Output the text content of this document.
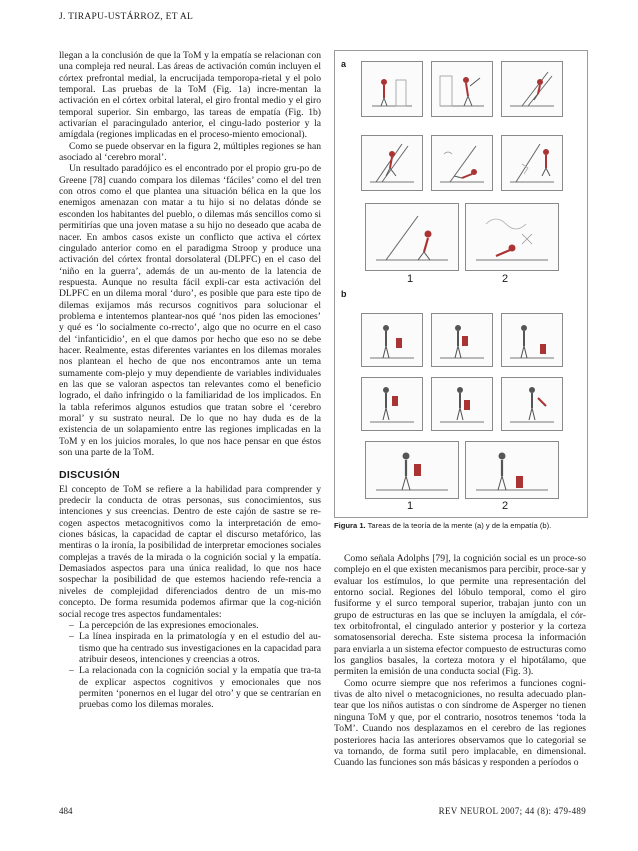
J. TIRAPU-USTÁRROZ, ET AL

llegan a la conclusión de que la ToM y la empatía se relacionan con una compleja red neural. Las áreas de activación común incluyen el córtex prefrontal medial, la encrucijada temporopa-rietal y el polo temporal. Las pruebas de la ToM (Fig. 1a) incre-mentan la activación en el córtex orbital lateral, el giro frontal medio y el giro temporal superior. Sin embargo, las tareas de empatía (Fig. 1b) activarían el paracingulado anterior, el cingu-lado posterior y la amígdala (regiones implicadas en el proceso-miento emocional).

Como se puede observar en la figura 2, múltiples regiones se han asociado al ‘cerebro moral’.

Un resultado paradójico es el encontrado por el propio gru-po de Greene [78] cuando compara los dilemas ‘fáciles’ como el del tren con otros como el que plantea una situación bélica en la que los enemigos amenazan con matar a tu hijo si no delatas dónde se esconden los habitantes del pueblo, o dilemas más sencillos como si permitirías que una joven matase a su hijo no deseado que acaba de nacer. En ambos casos existe un conflicto que activa el córtex cingulado anterior como en el paradigma Stroop y produce una activación del córtex frontal dorsolateral (DLPFC) en el caso del ‘niño en la guerra’, además de un au-mento de la latencia de respuesta. Aunque no resulta fácil expli-car esta activación del DLPFC en un dilema moral ‘duro’, es posible que para este tipo de dilemas exijamos más recursos cognitivos para solucionar el problema e intentemos plantear-nos qué ‘nos piden las emociones’ y qué es ‘lo socialmente co-rrecto’, algo que no ocurre en el caso del ‘infanticidio’, en el que damos por hecho que eso no se debe hacer. Realmente, estas diferentes variantes en los dilemas morales nos plantean el hecho de que nos encontramos ante un tema sumamente com-plejo y muy dependiente de variables individuales en las que se valoran aspectos tan relevantes como el beneficio logrado, el daño infringido o la familiaridad de los implicados. En la tabla referimos algunos estudios que tratan sobre el ‘cerebro moral’ y su sustrato neural. De lo que no hay duda es de la existencia de un solapamiento entre las regiones implicadas en la ToM y en los juicios morales, lo que nos hace pensar en que éstos son una parte de la ToM.

DISCUSIÓN

El concepto de ToM se refiere a la habilidad para comprender y predecir la conducta de otras personas, sus conocimientos, sus intenciones y sus creencias. Dentro de este cajón de sastre se re-cogen aspectos metacognitivos como la interpretación de emo-ciones básicas, la capacidad de captar el discurso metafórico, las mentiras o la ironía, la posibilidad de interpretar emociones sociales complejas a través de la mirada o la cognición social y la empatía. Demasiados aspectos para una única realidad, lo que nos hace sospechar la posibilidad de que estemos haciendo refe-rencia a niveles de complejidad diferenciados dentro de un mis-mo concepto. De forma resumida podemos afirmar que la cog-nición social recoge tres aspectos fundamentales:

– La percepción de las expresiones emocionales.
– La línea inspirada en la primatología y en el estudio del au-tismo que ha centrado sus investigaciones en la capacidad para atribuir deseos, intenciones y creencias a otros.
– La relacionada con la cognición social y la empatía que tra-ta de explicar aspectos cognitivos y emocionales que nos permiten ‘ponernos en el lugar del otro’ y que se centrarían en pruebas como los dilemas morales.
a
1	2
b
1	2
Figura 1. Tareas de la teoría de la mente (a) y de la empatía (b).

Como señala Adolphs [79], la cognición social es un proce-so complejo en el que existen mecanismos para percibir, proce-sar y evaluar los estímulos, lo que permite una representación del entorno social. Regiones del lóbulo temporal, como el giro fusiforme y el surco temporal superior, trabajan junto con un grupo de estructuras en las que se incluyen la amígdala, el cór-tex orbitofrontal, el cingulado anterior y posterior y la corteza somatosensorial derecha. Este sistema procesa la información para enviarla a un sistema efector compuesto de estructuras como los ganglios basales, la corteza motora y el hipotálamo, que permiten la emisión de una conducta social (Fig. 3).

Como ocurre siempre que nos referimos a funciones cogni-tivas de alto nivel o metacogniciones, no resulta adecuado plan-tear que los niños autistas o con síndrome de Asperger no tienen ninguna ToM y que, por el contrario, nosotros tenemos ‘toda la ToM’. Cuando nos desplazamos en el cerebro de las regiones posteriores hacia las anteriores observamos que lo categorial se va tornando, de forma sutil pero implacable, en dimensional. Cuando las funciones son más básicas y responden a períodos o

484	REV NEUROL 2007; 44 (8): 479-489
